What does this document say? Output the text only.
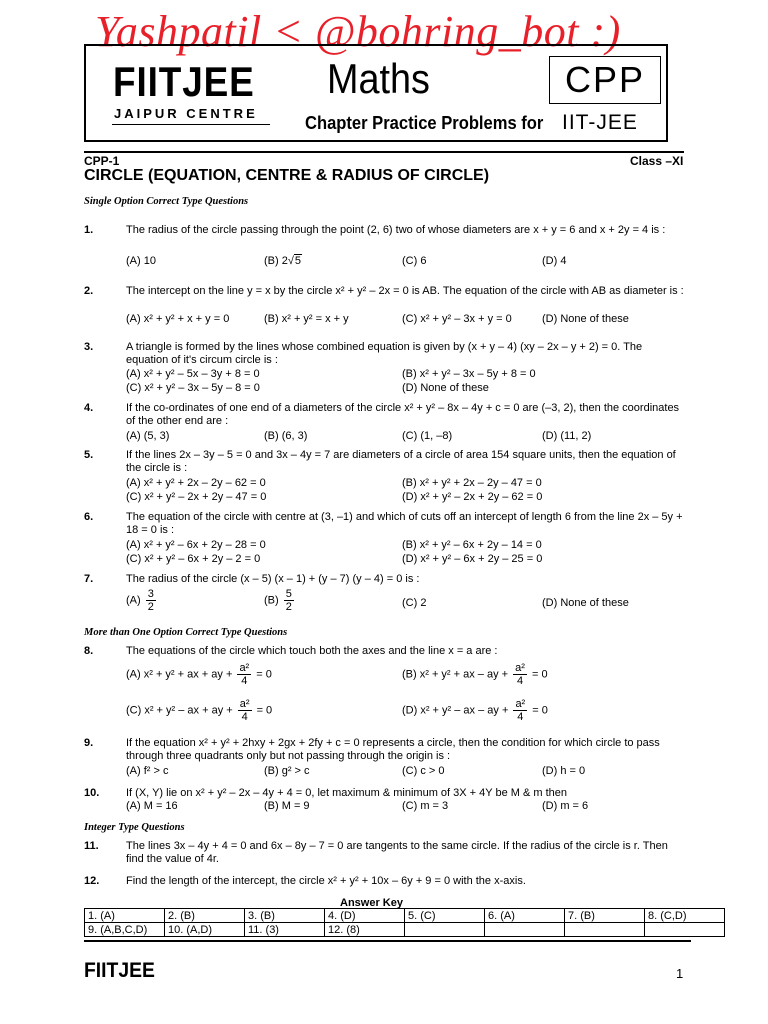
Yashpatil < @bohring_bot :)
FIITJEE
JAIPUR CENTRE
Maths	CPP
Chapter Practice Problems for IIT-JEE
CPP-1	Class –XI
CIRCLE (EQUATION, CENTRE & RADIUS OF CIRCLE)
Single Option Correct Type Questions
1.	The radius of the circle passing through the point (2, 6) two of whose diameters are x + y = 6 and x + 2y = 4 is :
(A) 10	(B) 2√5	(C) 6	(D) 4
2.	The intercept on the line y = x by the circle x² + y² – 2x = 0 is AB. The equation of the circle with AB as diameter is :
(A) x² + y² + x + y = 0	(B) x² + y² = x + y	(C) x² + y² – 3x + y = 0	(D) None of these
3.	A triangle is formed by the lines whose combined equation is given by (x + y – 4) (xy – 2x – y + 2) = 0. The equation of it's circum circle is :
(A) x² + y² – 5x – 3y + 8 = 0	(B) x² + y² – 3x – 5y + 8 = 0
(C) x² + y² – 3x – 5y – 8 = 0	(D) None of these
4.	If the co-ordinates of one end of a diameters of the circle x² + y² – 8x – 4y + c = 0 are (–3, 2), then the coordinates of the other end are :
(A) (5, 3)	(B) (6, 3)	(C) (1, –8)	(D) (11, 2)
5.	If the lines 2x – 3y – 5 = 0 and 3x – 4y = 7 are diameters of a circle of area 154 square units, then the equation of the circle is :
(A) x² + y² + 2x – 2y – 62 = 0	(B) x² + y² + 2x – 2y – 47 = 0
(C) x² + y² – 2x + 2y – 47 = 0	(D) x² + y² – 2x + 2y – 62 = 0
6.	The equation of the circle with centre at (3, –1) and which of cuts off an intercept of length 6 from the line 2x – 5y + 18 = 0 is :
(A) x² + y² – 6x + 2y – 28 = 0	(B) x² + y² – 6x + 2y – 14 = 0
(C) x² + y² – 6x + 2y – 2 = 0	(D) x² + y² – 6x + 2y – 25 = 0
7.	The radius of the circle (x – 5) (x – 1) + (y – 7) (y – 4) = 0 is :
$(A) \frac{3}{2}$	$(B) \frac{5}{2}$	(C) 2	(D) None of these
More than One Option Correct Type Questions
8.	The equations of the circle which touch both the axes and the line x = a are :
(A) x² + y² + ax + ay + $\frac{\text{a²}}{4} = 0$	(B) x² + y² + ax – ay + $\frac{\text{a²}}{4} = 0$
(C) x² + y² – ax + ay + $\frac{\text{a²}}{4} = 0$	(D) x² + y² – ax – ay + $\frac{\text{a²}}{4} = 0$
9.	If the equation x² + y² + 2hxy + 2gx + 2fy + c = 0 represents a circle, then the condition for which circle to pass through three quadrants only but not passing through the origin is :
(A) f² > c	(B) g² > c	(C) c > 0	(D) h = 0
10. If (X, Y) lie on x² + y² – 2x – 4y + 4 = 0, let maximum & minimum of 3X + 4Y be M & m then
(A) M = 16	(B) M = 9	(C) m = 3	(D) m = 6
Integer Type Questions
11. The lines 3x – 4y + 4 = 0 and 6x – 8y – 7 = 0 are tangents to the same circle. If the radius of the circle is r. Then find the value of 4r.
12. Find the length of the intercept, the circle x² + y² + 10x – 6y + 9 = 0 with the x-axis.
Answer Key
1. (A)	2. (B)	3. (B)	4. (D)	5. (C)	6. (A)	7. (B)	8. (C,D)
9. (A,B,C,D)	10. (A,D)	11. (3)	12. (8)				
FIITJEE	1
